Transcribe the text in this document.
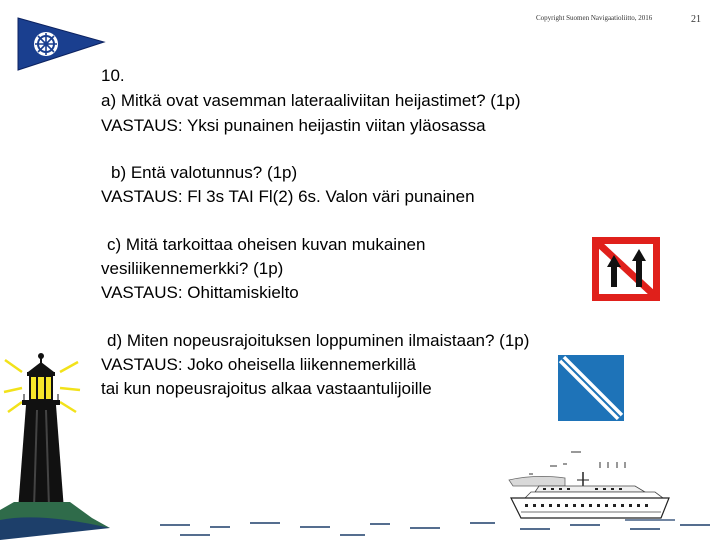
Copyright Suomen Navigaatioliitto, 2016	21
10.
a) Mitkä ovat vasemman lateraaliviitan heijastimet? (1p)
VASTAUS: Yksi punainen heijastin viitan yläosassa
b) Entä valotunnus? (1p)
VASTAUS: Fl 3s TAI Fl(2) 6s. Valon väri punainen
c) Mitä tarkoittaa oheisen kuvan mukainen
vesiliikennemerkki? (1p)
VASTAUS: Ohittamiskielto
d) Miten nopeusrajoituksen loppuminen ilmaistaan? (1p)
VASTAUS: Joko oheisella liikennemerkillä
tai kun nopeusrajoitus alkaa vastaantulijoille
